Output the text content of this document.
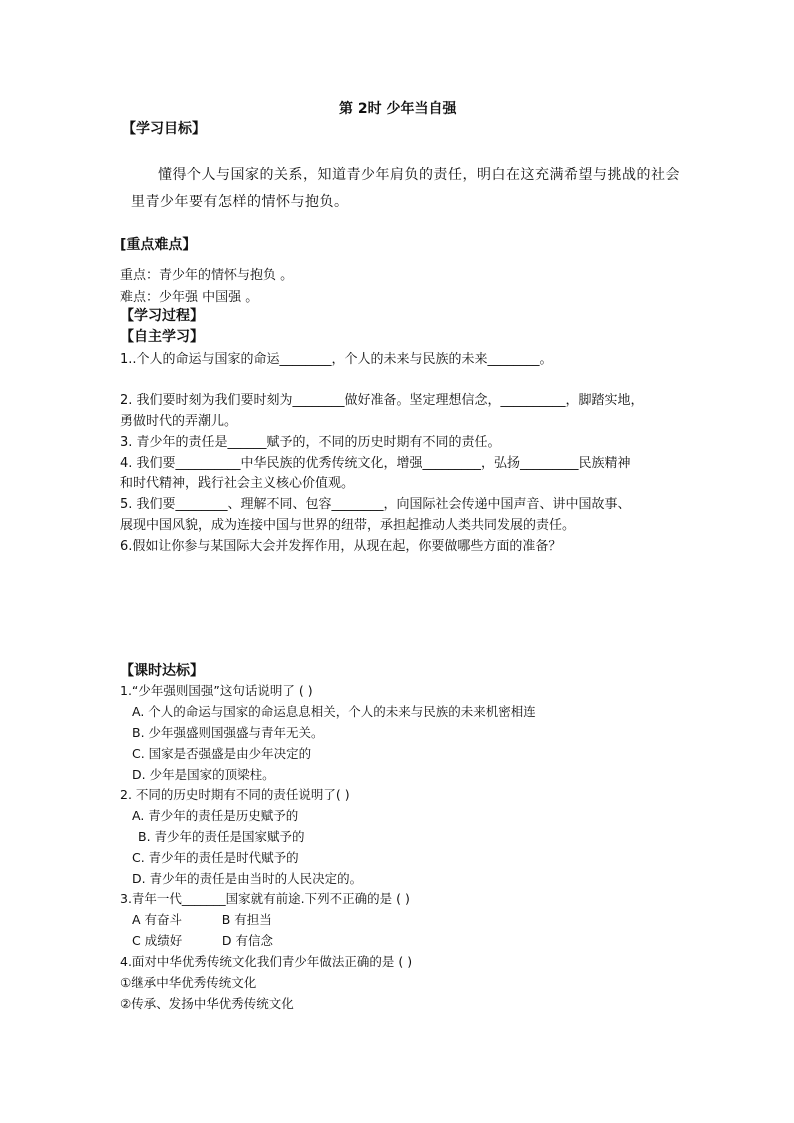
第 2时 少年当自强
【学习目标】
懂得个人与国家的关系，知道青少年肩负的责任，明白在这充满希望与挑战的社会
里青少年要有怎样的情怀与抱负。
[重点难点】
重点：青少年的情怀与抱负 。
难点：少年强 中国强 。
【学习过程】
【自主学习】
1..个人的命运与国家的命运________，个人的未来与民族的未来________。
2. 我们要时刻为我们要时刻为________做好准备。坚定理想信念，__________，脚踏实地，
勇做时代的弄潮儿。
3. 青少年的责任是______赋予的，不同的历史时期有不同的责任。
4. 我们要__________中华民族的优秀传统文化，增强_________，弘扬_________民族精神
和时代精神，践行社会主义核心价值观。
5. 我们要________、理解不同、包容________，向国际社会传递中国声音、讲中国故事、
展现中国风貌，成为连接中国与世界的纽带，承担起推动人类共同发展的责任。
6.假如让你参与某国际大会并发挥作用，从现在起，你要做哪些方面的准备？
【课时达标】
1.“少年强则国强”这句话说明了 ( )
A. 个人的命运与国家的命运息息相关，个人的未来与民族的未来机密相连
B. 少年强盛则国强盛与青年无关。
C. 国家是否强盛是由少年决定的
D. 少年是国家的顶梁柱。
2. 不同的历史时期有不同的责任说明了( )
A. 青少年的责任是历史赋予的
B. 青少年的责任是国家赋予的
C. 青少年的责任是时代赋予的
D. 青少年的责任是由当时的人民决定的。
3.青年一代_______国家就有前途.下列不正确的是 ( )
A 有奋斗          B 有担当
C 成绩好          D 有信念
4.面对中华优秀传统文化我们青少年做法正确的是 ( )
①继承中华优秀传统文化
②传承、发扬中华优秀传统文化
